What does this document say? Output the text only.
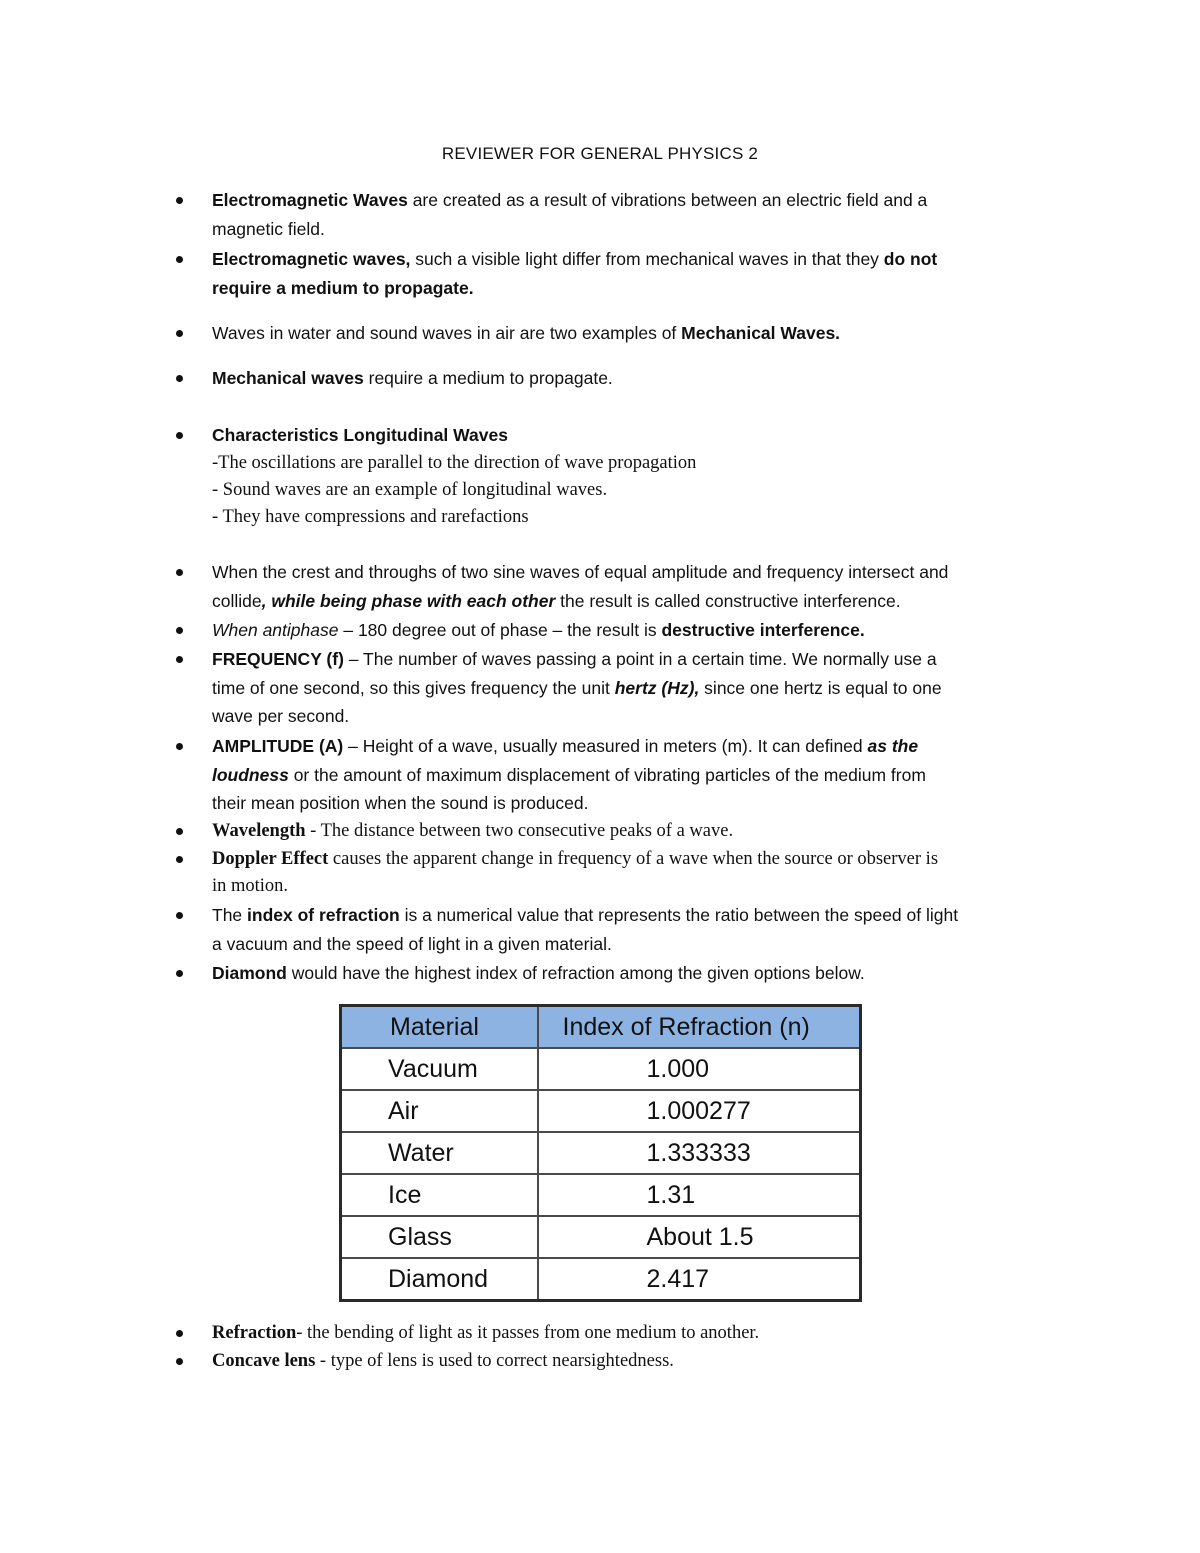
REVIEWER FOR GENERAL PHYSICS 2
Electromagnetic Waves are created as a result of vibrations between an electric field and a
magnetic field.
Electromagnetic waves, such a visible light differ from mechanical waves in that they do not
require a medium to propagate.
Waves in water and sound waves in air are two examples of Mechanical Waves.
Mechanical waves require a medium to propagate.
Characteristics Longitudinal Waves
-The oscillations are parallel to the direction of wave propagation
- Sound waves are an example of longitudinal waves.
- They have compressions and rarefactions
When the crest and throughs of two sine waves of equal amplitude and frequency intersect and
collide, while being phase with each other the result is called constructive interference.
When antiphase – 180 degree out of phase – the result is destructive interference.
FREQUENCY (f) – The number of waves passing a point in a certain time. We normally use a
time of one second, so this gives frequency the unit hertz (Hz), since one hertz is equal to one
wave per second.
AMPLITUDE (A) – Height of a wave, usually measured in meters (m). It can defined as the
loudness or the amount of maximum displacement of vibrating particles of the medium from
their mean position when the sound is produced.
Wavelength - The distance between two consecutive peaks of a wave.
Doppler Effect causes the apparent change in frequency of a wave when the source or observer is
in motion.
The index of refraction is a numerical value that represents the ratio between the speed of light
a vacuum and the speed of light in a given material.
Diamond would have the highest index of refraction among the given options below.
Refraction- the bending of light as it passes from one medium to another.
Concave lens - type of lens is used to correct nearsightedness.
Material	Index of Refraction (n)
Vacuum	1.000
Air	1.000277
Water	1.333333
Ice	1.31
Glass	About 1.5
Diamond	2.417
